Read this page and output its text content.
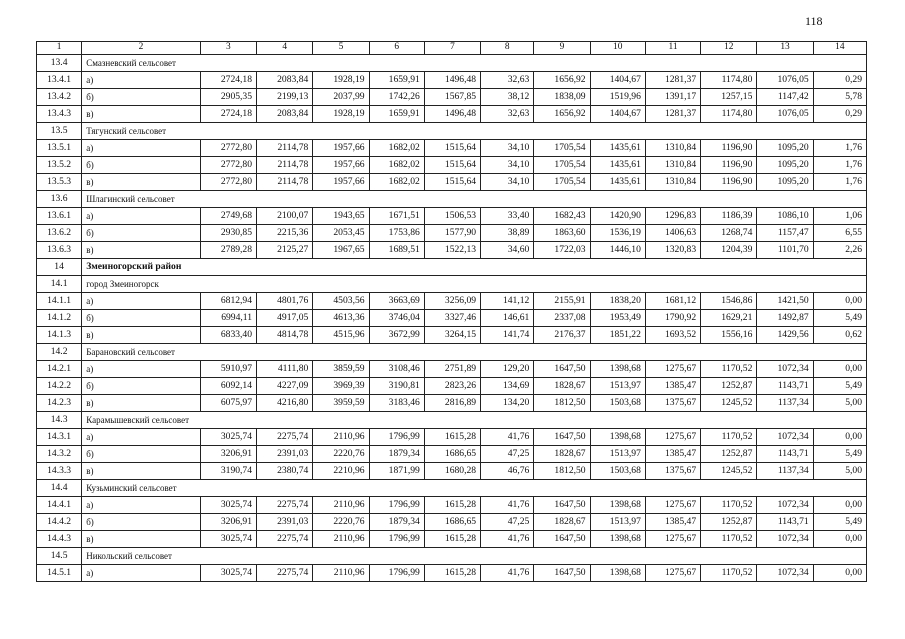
118
1	2	3	4	5	6	7	8	9	10	11	12	13	14
13.4	Смазневский сельсовет												
13.4.1	а)	2724,18	2083,84	1928,19	1659,91	1496,48	32,63	1656,92	1404,67	1281,37	1174,80	1076,05	0,29
13.4.2	б)	2905,35	2199,13	2037,99	1742,26	1567,85	38,12	1838,09	1519,96	1391,17	1257,15	1147,42	5,78
13.4.3	в)	2724,18	2083,84	1928,19	1659,91	1496,48	32,63	1656,92	1404,67	1281,37	1174,80	1076,05	0,29
13.5	Тягунский сельсовет												
13.5.1	а)	2772,80	2114,78	1957,66	1682,02	1515,64	34,10	1705,54	1435,61	1310,84	1196,90	1095,20	1,76
13.5.2	б)	2772,80	2114,78	1957,66	1682,02	1515,64	34,10	1705,54	1435,61	1310,84	1196,90	1095,20	1,76
13.5.3	в)	2772,80	2114,78	1957,66	1682,02	1515,64	34,10	1705,54	1435,61	1310,84	1196,90	1095,20	1,76
13.6	Шлагинский сельсовет												
13.6.1	а)	2749,68	2100,07	1943,65	1671,51	1506,53	33,40	1682,43	1420,90	1296,83	1186,39	1086,10	1,06
13.6.2	б)	2930,85	2215,36	2053,45	1753,86	1577,90	38,89	1863,60	1536,19	1406,63	1268,74	1157,47	6,55
13.6.3	в)	2789,28	2125,27	1967,65	1689,51	1522,13	34,60	1722,03	1446,10	1320,83	1204,39	1101,70	2,26
14	Змеиногорский район												
14.1	город Змеиногорск												
14.1.1	а)	6812,94	4801,76	4503,56	3663,69	3256,09	141,12	2155,91	1838,20	1681,12	1546,86	1421,50	0,00
14.1.2	б)	6994,11	4917,05	4613,36	3746,04	3327,46	146,61	2337,08	1953,49	1790,92	1629,21	1492,87	5,49
14.1.3	в)	6833,40	4814,78	4515,96	3672,99	3264,15	141,74	2176,37	1851,22	1693,52	1556,16	1429,56	0,62
14.2	Барановский сельсовет												
14.2.1	а)	5910,97	4111,80	3859,59	3108,46	2751,89	129,20	1647,50	1398,68	1275,67	1170,52	1072,34	0,00
14.2.2	б)	6092,14	4227,09	3969,39	3190,81	2823,26	134,69	1828,67	1513,97	1385,47	1252,87	1143,71	5,49
14.2.3	в)	6075,97	4216,80	3959,59	3183,46	2816,89	134,20	1812,50	1503,68	1375,67	1245,52	1137,34	5,00
14.3	Карамышевский сельсовет												
14.3.1	а)	3025,74	2275,74	2110,96	1796,99	1615,28	41,76	1647,50	1398,68	1275,67	1170,52	1072,34	0,00
14.3.2	б)	3206,91	2391,03	2220,76	1879,34	1686,65	47,25	1828,67	1513,97	1385,47	1252,87	1143,71	5,49
14.3.3	в)	3190,74	2380,74	2210,96	1871,99	1680,28	46,76	1812,50	1503,68	1375,67	1245,52	1137,34	5,00
14.4	Кузьминский сельсовет												
14.4.1	а)	3025,74	2275,74	2110,96	1796,99	1615,28	41,76	1647,50	1398,68	1275,67	1170,52	1072,34	0,00
14.4.2	б)	3206,91	2391,03	2220,76	1879,34	1686,65	47,25	1828,67	1513,97	1385,47	1252,87	1143,71	5,49
14.4.3	в)	3025,74	2275,74	2110,96	1796,99	1615,28	41,76	1647,50	1398,68	1275,67	1170,52	1072,34	0,00
14.5	Никольский сельсовет												
14.5.1	а)	3025,74	2275,74	2110,96	1796,99	1615,28	41,76	1647,50	1398,68	1275,67	1170,52	1072,34	0,00
